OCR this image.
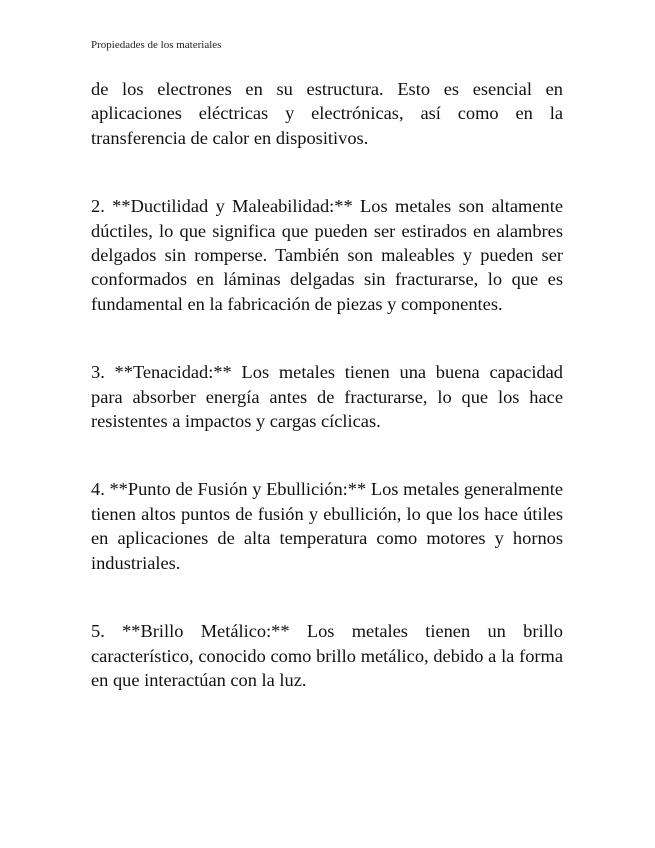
Propiedades de los materiales

de los electrones en su estructura. Esto es esencial en aplicaciones eléctricas y electrónicas, así como en la transferencia de calor en dispositivos.

2. **Ductilidad y Maleabilidad:** Los metales son altamente dúctiles, lo que significa que pueden ser estirados en alambres delgados sin romperse. También son maleables y pueden ser conformados en láminas delgadas sin fracturarse, lo que es fundamental en la fabricación de piezas y componentes.

3. **Tenacidad:** Los metales tienen una buena capacidad para absorber energía antes de fracturarse, lo que los hace resistentes a impactos y cargas cíclicas.

4. **Punto de Fusión y Ebullición:** Los metales generalmente tienen altos puntos de fusión y ebullición, lo que los hace útiles en aplicaciones de alta temperatura como motores y hornos industriales.

5. **Brillo Metálico:** Los metales tienen un brillo característico, conocido como brillo metálico, debido a la forma en que interactúan con la luz.
